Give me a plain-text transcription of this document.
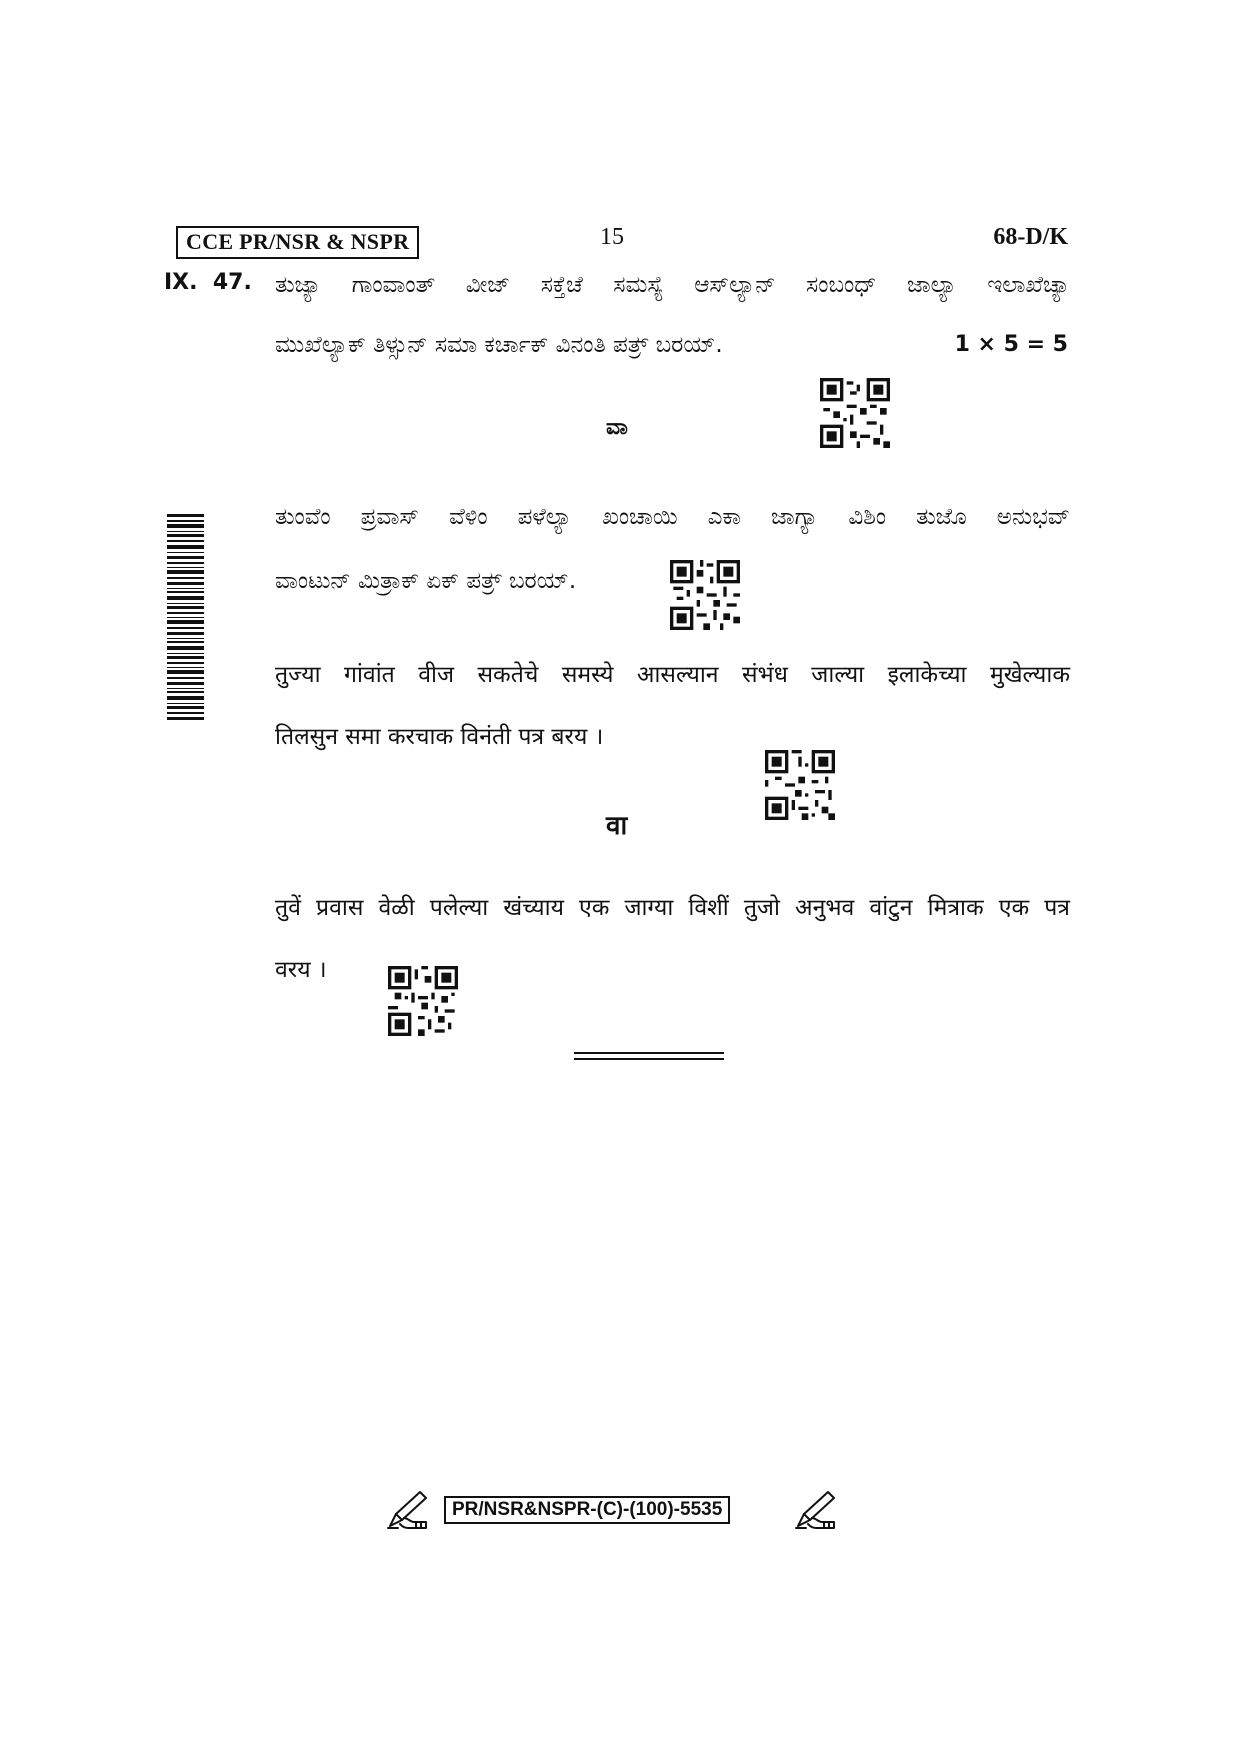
CCE PR/NSR & NSPR	15	68-D/K
IX. 47. ತುಜ್ಯಾ ಗಾಂವಾಂತ್ ವೀಜ್ ಸಕ್ತೆಚೆ ಸಮಸ್ಯೆ ಆಸ್‌ಲ್ಯಾನ್ ಸಂಬಂಧ್ ಜಾಲ್ಯಾ ಇಲಾಖೆಚ್ಯಾ
ಮುಖೆಲ್ಯಾಕ್ ತಿಳ್ಸುನ್ ಸಮಾ ಕರ್ಚಾಕ್ ವಿನಂತಿ ಪತ್ರ್ ಬರಯ್.	1 × 5 = 5
ವಾ
ತುಂವೆಂ ಪ್ರವಾಸ್ ವೆಳಿಂ ಪಳೆಲ್ಯಾ ಖಂಚಾಯಿ ಎಕಾ ಜಾಗ್ಯಾ ವಿಶಿಂ ತುಜೊ ಅನುಭವ್
ವಾಂಟುನ್ ಮಿತ್ರಾಕ್ ಏಕ್ ಪತ್ರ್ ಬರಯ್.
तुज्या गांवांत वीज सकतेचे समस्ये आसल्यान संभंध जाल्या इलाकेच्या मुखेल्याक
तिलसुन समा करचाक विनंती पत्र बरय ।
वा
तुवें प्रवास वेळी पलेल्या खंच्याय एक जाग्या विशीं तुजो अनुभव वांटुन मित्राक एक पत्र
वरय ।
PR/NSR&NSPR-(C)-(100)-5535
